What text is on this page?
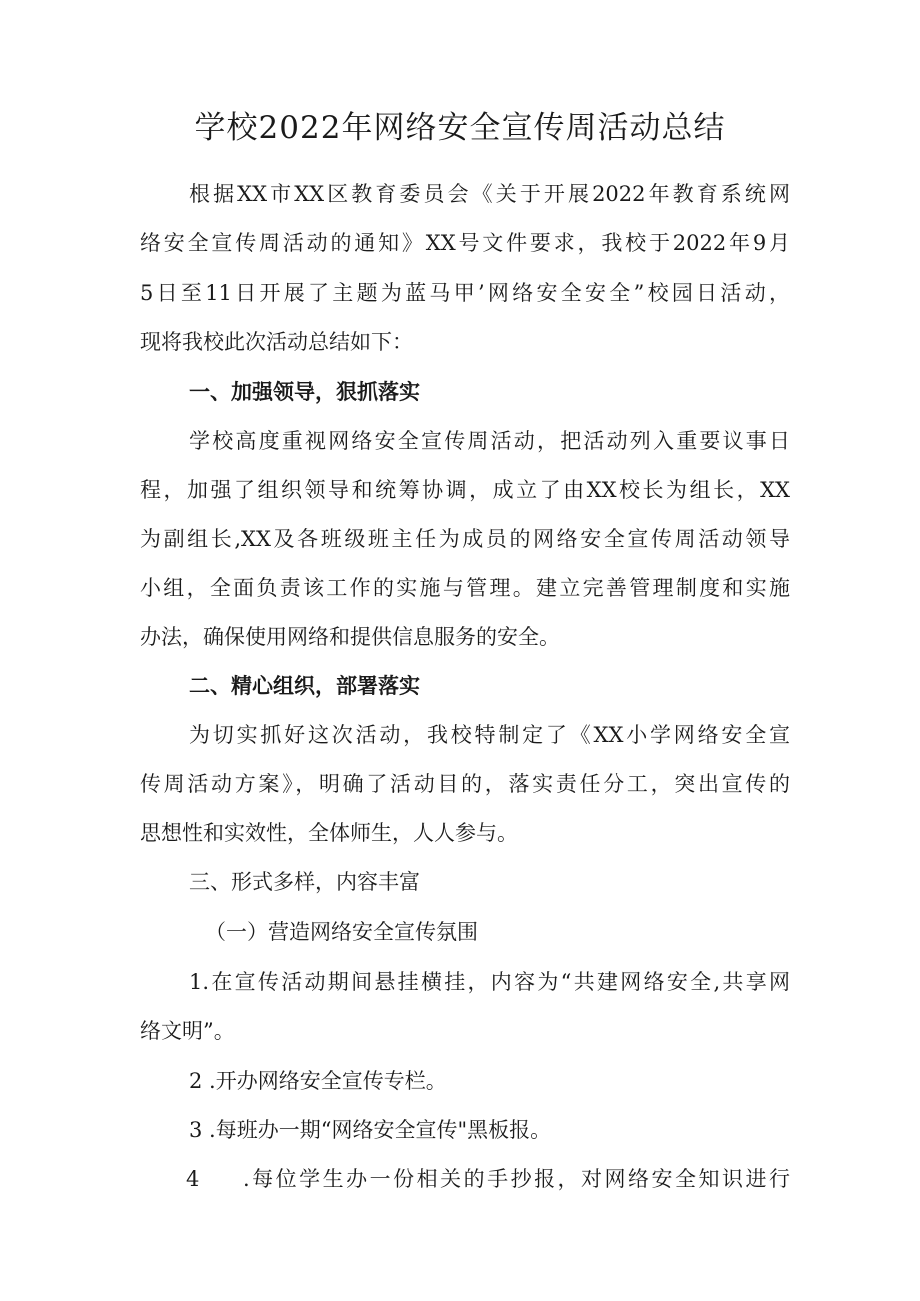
学校2022年网络安全宣传周活动总结
根据XX市XX区教育委员会《关于开展2022年教育系统网
络安全宣传周活动的通知》XX号文件要求，我校于2022年9月
5日至11日开展了主题为蓝马甲’网络安全安全”校园日活动，
现将我校此次活动总结如下：
一、加强领导，狠抓落实
学校高度重视网络安全宣传周活动，把活动列入重要议事日
程，加强了组织领导和统筹协调，成立了由XX校长为组长，XX
为副组长,XX及各班级班主任为成员的网络安全宣传周活动领导
小组，全面负责该工作的实施与管理。建立完善管理制度和实施
办法，确保使用网络和提供信息服务的安全。
二、精心组织，部署落实
为切实抓好这次活动，我校特制定了《XX小学网络安全宣
传周活动方案》，明确了活动目的，落实责任分工，突出宣传的
思想性和实效性，全体师生，人人参与。
三、形式多样，内容丰富
（一）营造网络安全宣传氛围
1.在宣传活动期间悬挂横挂，内容为“共建网络安全,共享网
络文明”。
2 .开办网络安全宣传专栏。
3 .每班办一期“网络安全宣传"黑板报。
4 .每位学生办一份相关的手抄报，对网络安全知识进行
